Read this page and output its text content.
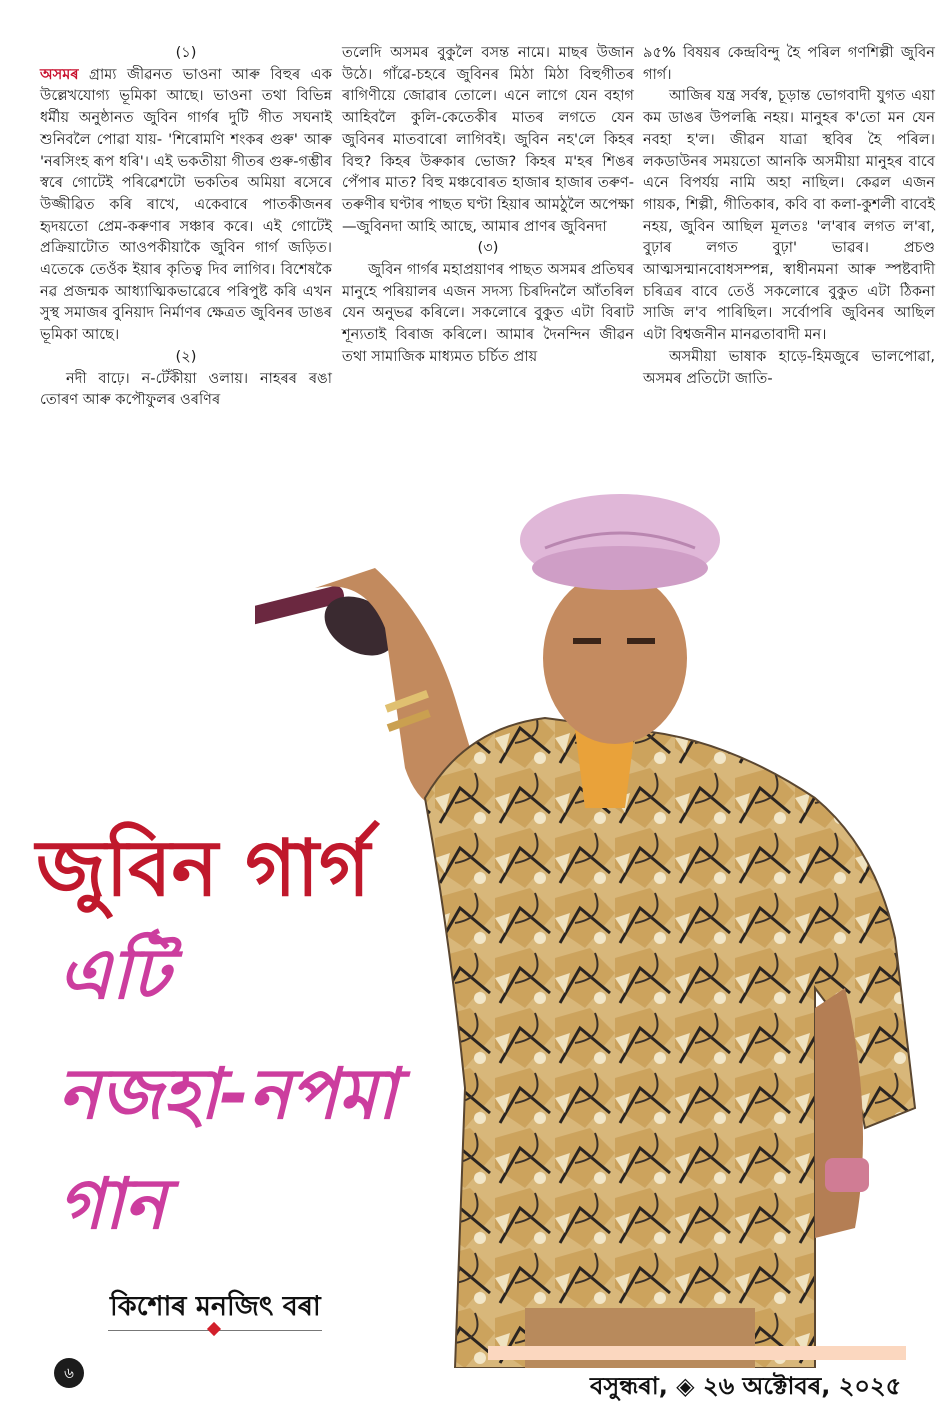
(১)

অসমৰ গ্ৰাম্য জীৱনত ভাওনা আৰু বিহুৰ এক উল্লেখযোগ্য ভূমিকা আছে। ভাওনা তথা বিভিন্ন ধৰ্মীয় অনুষ্ঠানত জুবিন গাৰ্গৰ দুটি গীত সঘনাই শুনিবলৈ পোৱা যায়- 'শিৰোমণি শংকৰ গুৰু' আৰু 'নৰসিংহ ৰূপ ধৰি'। এই ভকতীয়া গীতৰ গুৰু-গম্ভীৰ স্বৰে গোটেই পৰিৱেশটো ভকতিৰ অমিয়া ৰসেৰে উজ্জীৱিত কৰি ৰাখে, একেবাৰে পাতকীজনৰ হৃদয়তো প্ৰেম-কৰুণাৰ সঞ্চাৰ কৰে। এই গোটেই প্ৰক্ৰিয়াটোত আওপকীয়াকৈ জুবিন গাৰ্গ জড়িত। এতেকে তেওঁক ইয়াৰ কৃতিত্ব দিব লাগিব। বিশেষকৈ নৱ প্ৰজন্মক আধ্যাত্মিকভাৱেৰে পৰিপুষ্ট কৰি এখন সুস্থ সমাজৰ বুনিয়াদ নিৰ্মাণৰ ক্ষেত্ৰত জুবিনৰ ডাঙৰ ভূমিকা আছে।

(২)

নদী বাঢ়ে। ন-টেঁকীয়া ওলায়। নাহৰৰ ৰঙা তোৰণ আৰু কপৌফুলৰ ওৰণিৰ

তলেদি অসমৰ বুকুলৈ বসন্ত নামে। মাছৰ উজান উঠে। গাঁৱে-চহৰে জুবিনৰ মিঠা মিঠা বিহুগীতৰ ৰাগিণীয়ে জোৱাৰ তোলে। এনে লাগে যেন বহাগ আহিবলৈ কুলি-কেতেকীৰ মাতৰ লগতে যেন জুবিনৰ মাতবাৰো লাগিবই। জুবিন নহ'লে কিহৰ বিহু? কিহৰ উৰুকাৰ ভোজ? কিহৰ ম'হৰ শিঙৰ পেঁপাৰ মাত? বিহু মঞ্চবোৰত হাজাৰ হাজাৰ তৰুণ-তৰুণীৰ ঘণ্টাৰ পাছত ঘণ্টা হিয়াৰ আমঠুলৈ অপেক্ষা—জুবিনদা আহি আছে, আমাৰ প্ৰাণৰ জুবিনদা

(৩)

জুবিন গাৰ্গৰ মহাপ্ৰয়াণৰ পাছত অসমৰ প্ৰতিঘৰ মানুহে পৰিয়ালৰ এজন সদস্য চিৰদিনলৈ আঁতৰিল যেন অনুভৱ কৰিলে। সকলোৰে বুকুত এটা বিৰাট শূন্যতাই বিৰাজ কৰিলে। আমাৰ দৈনন্দিন জীৱন তথা সামাজিক মাধ্যমত চৰ্চিত প্ৰায়

৯৫% বিষয়ৰ কেন্দ্ৰবিন্দু হৈ পৰিল গণশিল্পী জুবিন গাৰ্গ।

আজিৰ যন্ত্ৰ সৰ্বস্ব, চূড়ান্ত ভোগবাদী যুগত এয়া কম ডাঙৰ উপলব্ধি নহয়। মানুহৰ ক'তো মন যেন নবহা হ'ল। জীৱন যাত্ৰা স্থবিৰ হৈ পৰিল। লকডাউনৰ সময়তো আনকি অসমীয়া মানুহৰ বাবে এনে বিপৰ্যয় নামি অহা নাছিল। কেৱল এজন গায়ক, শিল্পী, গীতিকাৰ, কবি বা কলা-কুশলী বাবেই নহয়, জুবিন আছিল মূলতঃ 'ল'ৰাৰ লগত ল'ৰা, বুঢ়াৰ লগত বুঢ়া' ভাৱৰ। প্ৰচণ্ড আত্মসন্মানবোধসম্পন্ন, স্বাধীনমনা আৰু স্পষ্টবাদী চৰিত্ৰৰ বাবে তেওঁ সকলোৰে বুকুত এটা ঠিকনা সাজি ল'ব পাৰিছিল। সৰ্বোপৰি জুবিনৰ আছিল এটা বিশ্বজনীন মানৱতাবাদী মন।

অসমীয়া ভাষাক হাড়ে-হিমজুৰে ভালপোৱা, অসমৰ প্ৰতিটো জাতি-

জুবিন গাৰ্গ
এটি
নজহা-নপমা
গান

কিশোৰ মনজিৎ বৰা

৬	বসুন্ধৰা, ◈ ২৬ অক্টোবৰ, ২০২৫
